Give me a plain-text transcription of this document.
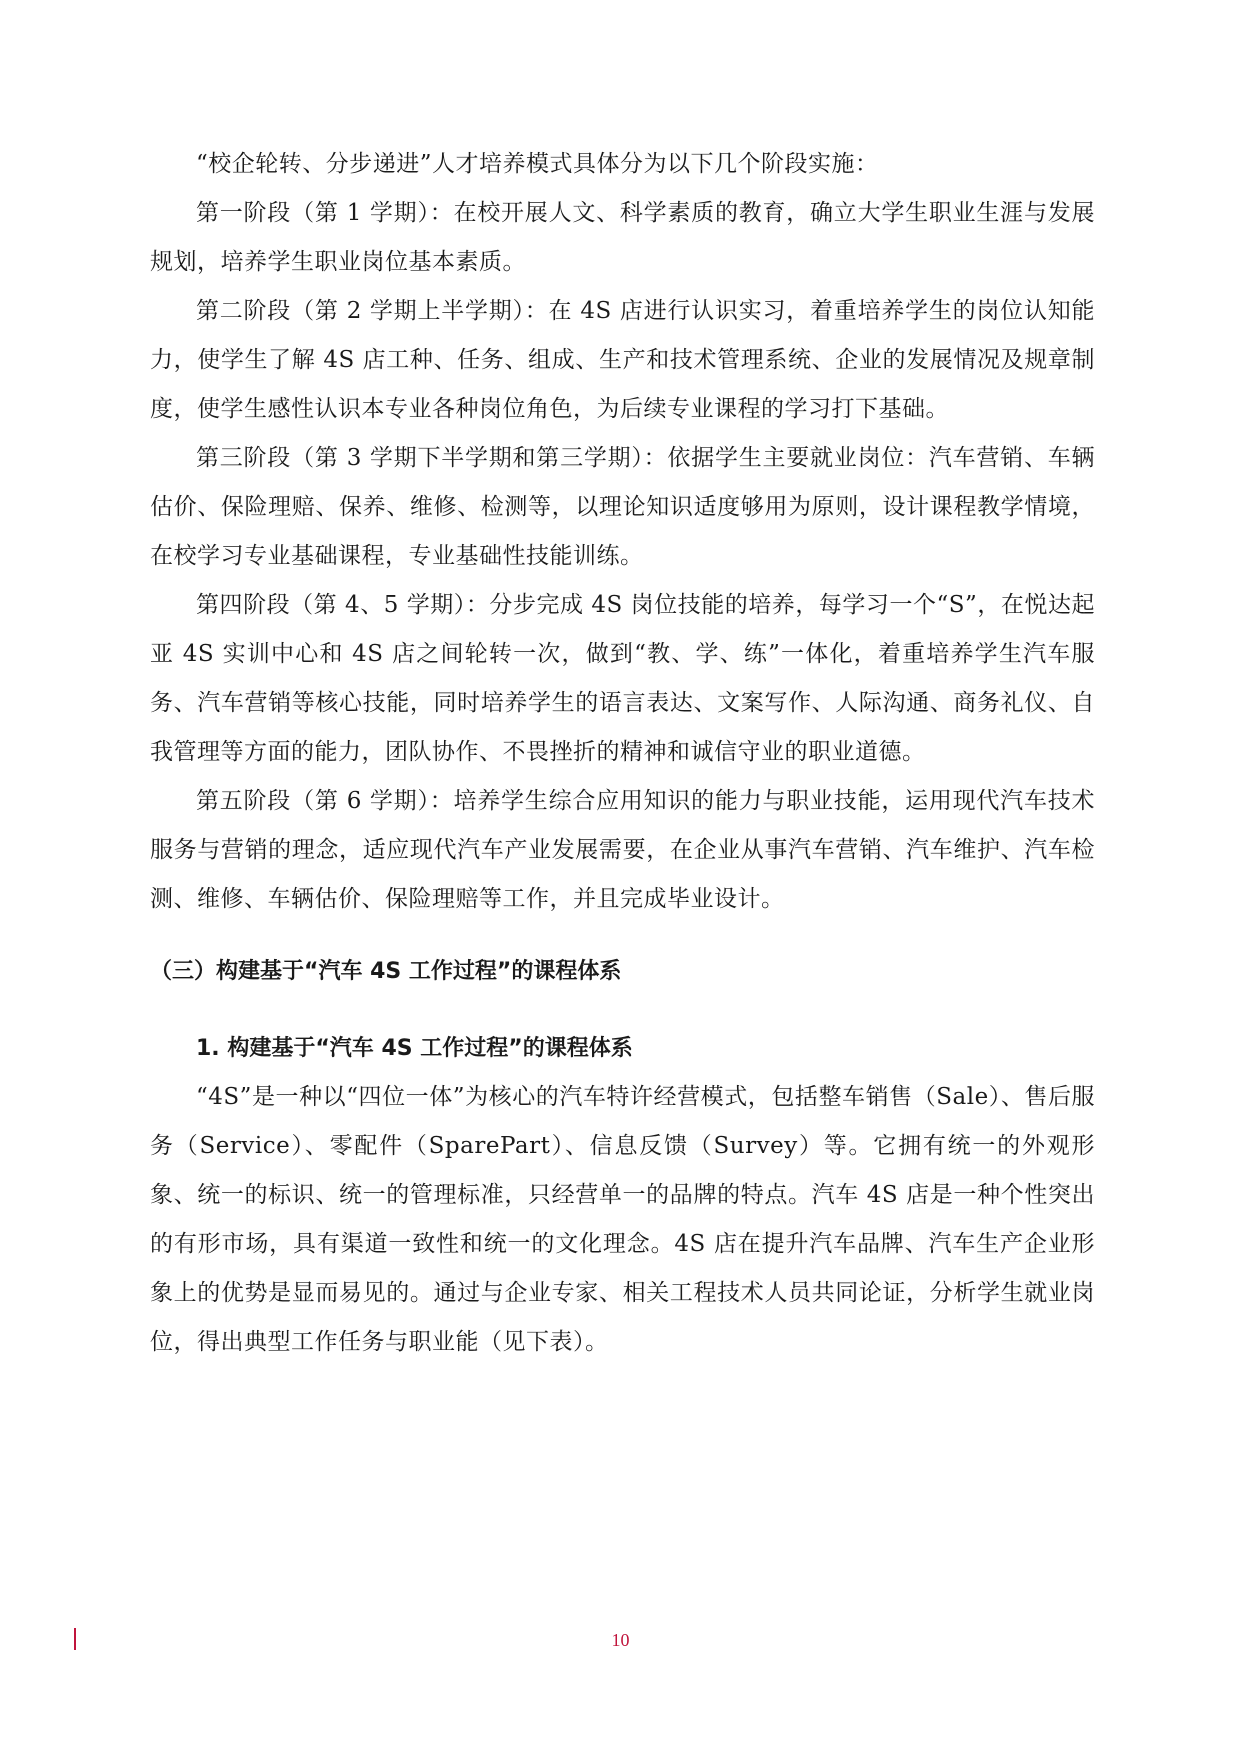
“校企轮转、分步递进”人才培养模式具体分为以下几个阶段实施：

第一阶段（第 1 学期）：在校开展人文、科学素质的教育，确立大学生职业生涯与发展规划，培养学生职业岗位基本素质。

第二阶段（第 2 学期上半学期）：在 4S 店进行认识实习，着重培养学生的岗位认知能力，使学生了解 4S 店工种、任务、组成、生产和技术管理系统、企业的发展情况及规章制度，使学生感性认识本专业各种岗位角色，为后续专业课程的学习打下基础。

第三阶段（第 3 学期下半学期和第三学期）：依据学生主要就业岗位：汽车营销、车辆估价、保险理赔、保养、维修、检测等，以理论知识适度够用为原则，设计课程教学情境，在校学习专业基础课程，专业基础性技能训练。

第四阶段（第 4、5 学期）：分步完成 4S 岗位技能的培养，每学习一个“S”，在悦达起亚 4S 实训中心和 4S 店之间轮转一次，做到“教、学、练”一体化，着重培养学生汽车服务、汽车营销等核心技能，同时培养学生的语言表达、文案写作、人际沟通、商务礼仪、自我管理等方面的能力，团队协作、不畏挫折的精神和诚信守业的职业道德。

第五阶段（第 6 学期）：培养学生综合应用知识的能力与职业技能，运用现代汽车技术服务与营销的理念，适应现代汽车产业发展需要，在企业从事汽车营销、汽车维护、汽车检测、维修、车辆估价、保险理赔等工作，并且完成毕业设计。

（三）构建基于“汽车 4S 工作过程”的课程体系
1. 构建基于“汽车 4S 工作过程”的课程体系

“4S”是一种以“四位一体”为核心的汽车特许经营模式，包括整车销售（Sale）、售后服务（Service）、零配件（SparePart）、信息反馈（Survey）等。它拥有统一的外观形象、统一的标识、统一的管理标准，只经营单一的品牌的特点。汽车 4S 店是一种个性突出的有形市场，具有渠道一致性和统一的文化理念。4S 店在提升汽车品牌、汽车生产企业形象上的优势是显而易见的。通过与企业专家、相关工程技术人员共同论证，分析学生就业岗位，得出典型工作任务与职业能（见下表）。

10
